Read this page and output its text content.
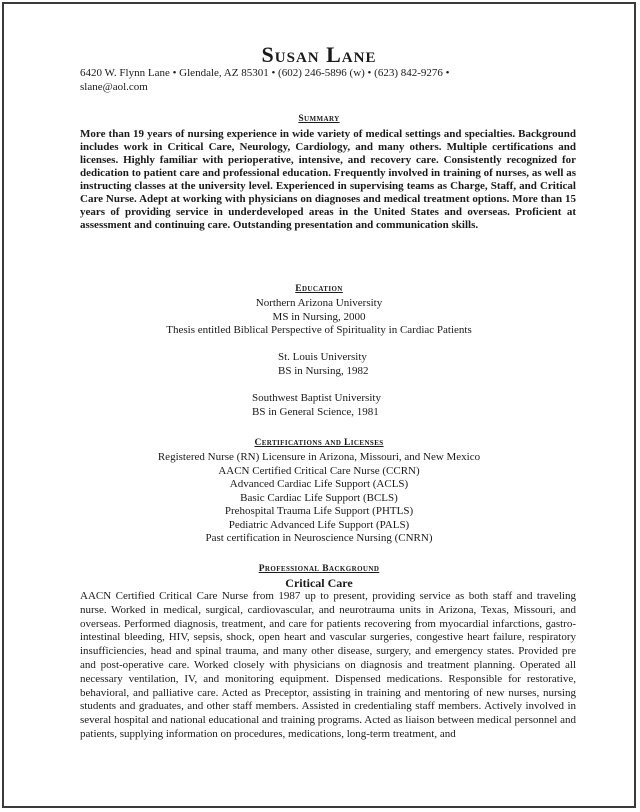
Susan Lane
6420 W. Flynn Lane • Glendale, AZ 85301 • (602) 246-5896 (w) • (623) 842-9276 •
slane@aol.com
Summary

More than 19 years of nursing experience in wide variety of medical settings and specialties. Background includes work in Critical Care, Neurology, Cardiology, and many others. Multiple certifications and licenses. Highly familiar with perioperative, intensive, and recovery care. Consistently recognized for dedication to patient care and professional education. Frequently involved in training of nurses, as well as instructing classes at the university level. Experienced in supervising teams as Charge, Staff, and Critical Care Nurse. Adept at working with physicians on diagnoses and medical treatment options. More than 15 years of providing service in underdeveloped areas in the United States and overseas. Proficient at assessment and continuing care. Outstanding presentation and communication skills.

Education
Northern Arizona University
MS in Nursing, 2000
Thesis entitled Biblical Perspective of Spirituality in Cardiac Patients
St. Louis University
BS in Nursing, 1982
Southwest Baptist University
BS in General Science, 1981
Certifications and Licenses
Registered Nurse (RN) Licensure in Arizona, Missouri, and New Mexico
AACN Certified Critical Care Nurse (CCRN)
Advanced Cardiac Life Support (ACLS)
Basic Cardiac Life Support (BCLS)
Prehospital Trauma Life Support (PHTLS)
Pediatric Advanced Life Support (PALS)
Past certification in Neuroscience Nursing (CNRN)
Professional Background
Critical Care

AACN Certified Critical Care Nurse from 1987 up to present, providing service as both staff and traveling nurse. Worked in medical, surgical, cardiovascular, and neurotrauma units in Arizona, Texas, Missouri, and overseas. Performed diagnosis, treatment, and care for patients recovering from myocardial infarctions, gastro-intestinal bleeding, HIV, sepsis, shock, open heart and vascular surgeries, congestive heart failure, respiratory insufficiencies, head and spinal trauma, and many other disease, surgery, and emergency states. Provided pre and post-operative care. Worked closely with physicians on diagnosis and treatment planning. Operated all necessary ventilation, IV, and monitoring equipment. Dispensed medications. Responsible for restorative, behavioral, and palliative care. Acted as Preceptor, assisting in training and mentoring of new nurses, nursing students and graduates, and other staff members. Assisted in credentialing staff members. Actively involved in several hospital and national educational and training programs. Acted as liaison between medical personnel and patients, supplying information on procedures, medications, long-term treatment, and
